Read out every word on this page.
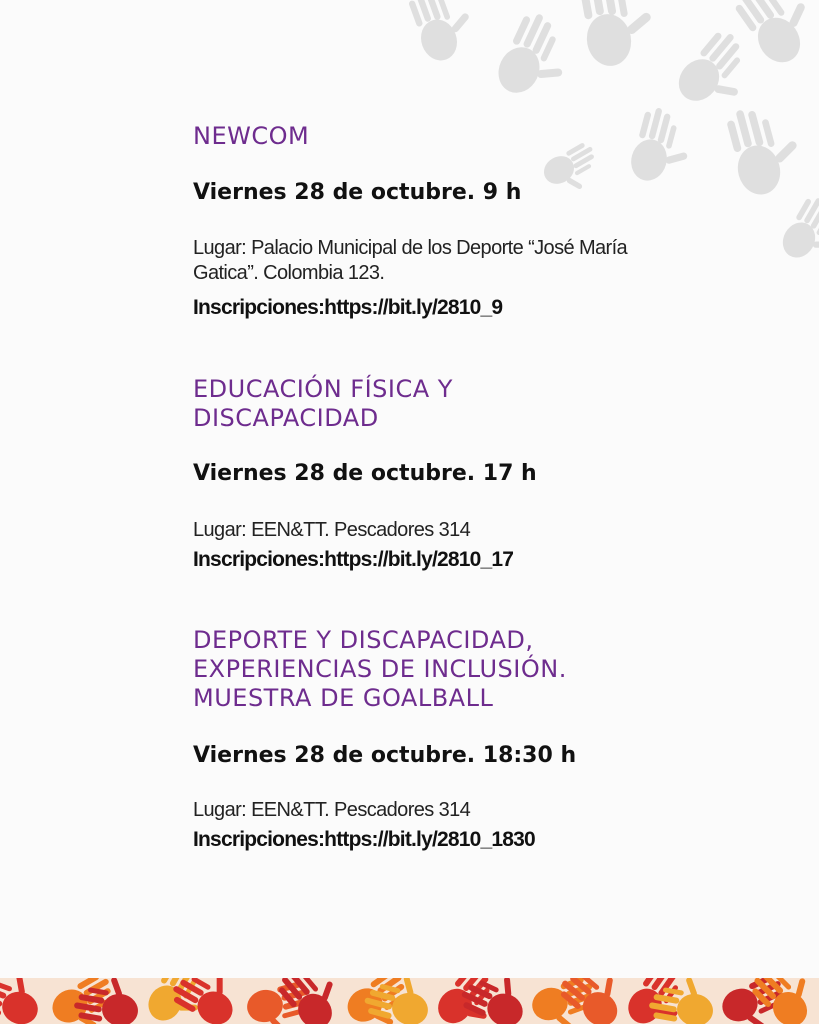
NEWCOM

Viernes 28 de octubre. 9 h

Lugar: Palacio Municipal de los Deporte “José María Gatica”. Colombia 123.

Inscripciones:https://bit.ly/2810_9

EDUCACIÓN FÍSICA Y DISCAPACIDAD

Viernes 28 de octubre. 17 h

Lugar: EEN&TT. Pescadores 314

Inscripciones:https://bit.ly/2810_17

DEPORTE Y DISCAPACIDAD, EXPERIENCIAS DE INCLUSIÓN. MUESTRA DE GOALBALL

Viernes 28 de octubre. 18:30 h

Lugar: EEN&TT. Pescadores 314

Inscripciones:https://bit.ly/2810_1830
